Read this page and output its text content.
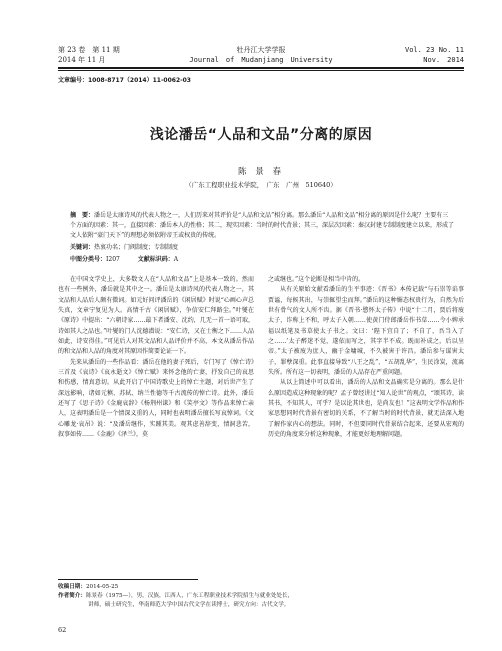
第 23 卷　第 11 期
2014 年 11 月
牡丹江大学学报
Journal　of　Mudanjiang　University
Vol. 23 No. 11
Nov.　2014
文章编号：1008-8717（2014）11-0062-03
浅论潘岳“人品和文品”分离的原因
陈 景 春
（广东工程职业技术学院，　广东　广州　510640）
摘　要：潘岳是太康诗风的代表人物之一，人们历来对其评价是“人品和文品”相分离。那么潘岳“人品和文品”相分离的原因是什么呢？主要有三个方面的因素：其一，直接因素：潘岳本人的性格；其二，现实因素：当时的时代背景；其三，深层次因素：秦汉封建专制制度建立以来，形成了文人依附“豪门天下”的理想必须依附帝王或权贵的传统。
关键词：热衷功名；门阀制度；专制制度
中图分类号：I207	文献标识码：A

在中国文学史上，大多数文人在“人品和文品”上是基本一致的。然而也有一些例外，潘岳就是其中之一。潘岳是太康诗风的代表人物之一，其文品和人品后人颇有微词。如元好问评潘岳的《闲居赋》时说“心画心声总失真，文章宁复见为人。高情千古《闲居赋》，争信安仁拜路尘。”叶燮在《原诗》中提出：“六朝诗家……最下者潘安、沈约，几无一首一语可取，诗如其人之品也。”叶燮的门人沈德潜说：“安仁诗，又在士衡之下……人品如此，诗安得佳。”可见后人对其文品和人品评价并不高，本文从潘岳作品的和文品和人品的角度对其原因作简要论证一下。

先来从潘岳的一些作品看：潘岳在他的妻子死后，专门写了《悼亡诗》三首及《哀诗》《哀永逝文》《悼亡赋》来怀念他的亡妻，抒发自己的哀思和伤感，情真意切。从此开启了中国诗歌史上的悼亡主题，对后世产生了深远影响，诸如元稹、苏轼、纳兰性德等千古流传的悼亡诗。此外，潘岳还写了《思子诗》《金鹿哀辞》《杨荆州诔》和《笑亭文》等作品来悼亡亲人，这表明潘岳是一个情深义重的人，同时也表明潘岳擅长写哀悼词。《文心雕龙·哀吊》说：“及潘岳继作，实踵其美。观其虑善辞变，情洞悲苦，叙事如传……《金鹿》《泽兰》，莫

之或继也。”这个论断是相当中肯的。

从有关原始文献看潘岳的生平事迹：《晋书》本传记载“与石崇等谄事贾谧，每候其出，与崇辄望尘而拜。”潘岳的这种媚态权贵行为，自然为后世有骨气的文人所不齿。据《晋书·愍怀太子传》中说“十二月，贾后将废太子，诈称上不和，呼太子入朝……使黄门侍郎潘岳作书草……令小婢承福以纸笔及书草使太子书之。文曰：‘陛下宜自了；不自了，吾当入了之……’太子醉迷不觉，遂依而写之，其字半不成。既而补成之，后以呈帝。”太子被废为庶人，幽于金墉城，不久被害于许昌。潘岳参与谋害太子，罪孽深重。此事直接导致“八王之乱”、“五胡乱华”，生民涂炭，流离失所。所有这一切表明，潘岳的人品存在严重问题。

从以上简述中可以看出，潘岳的人品和文品确实是分离的。那么是什么原因造成这种现象的呢？孟子曾经讲过“知人论世”的观点，“颂其诗，读其书，不知其人，可乎？是以论其世也，是尚友也！”这表明文学作品和作家思想同时代背景有密切的关系，不了解当时的时代背景，就无法深入地了解作家内心的想法。同时，不但要同时代背景结合起来，还要从宏观的历史的角度来分析这种现象，才能更好地理解问题。

收稿日期：2014-05-25
作者简介：陈景春（1975—），男，汉族，江西人，广东工程职业技术学院招生与就业处处长，
讲师，硕士研究生，华南师范大学中国古代文学在读博士，研究方向：古代文学。
62
